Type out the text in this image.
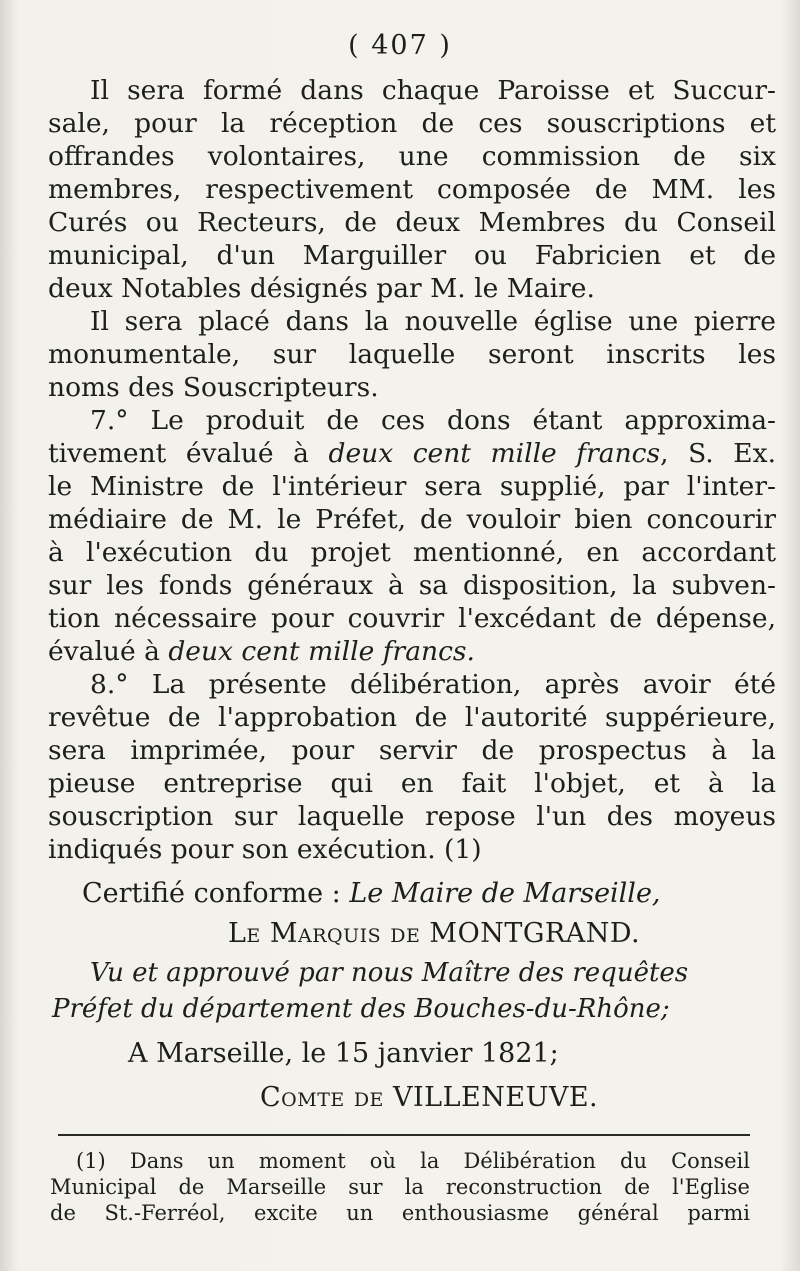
( 407 )
Il sera formé dans chaque Paroisse et Succur-
sale, pour la réception de ces souscriptions et
offrandes volontaires, une commission de six
membres, respectivement composée de MM. les
Curés ou Recteurs, de deux Membres du Conseil
municipal, d'un Marguiller ou Fabricien et de
deux Notables désignés par M. le Maire.
Il sera placé dans la nouvelle église une pierre
monumentale, sur laquelle seront inscrits les
noms des Souscripteurs.
7.° Le produit de ces dons étant approxima-
tivement évalué à deux cent mille francs, S. Ex.
le Ministre de l'intérieur sera supplié, par l'inter-
médiaire de M. le Préfet, de vouloir bien concourir
à l'exécution du projet mentionné, en accordant
sur les fonds généraux à sa disposition, la subven-
tion nécessaire pour couvrir l'excédant de dépense,
évalué à deux cent mille francs.
8.° La présente délibération, après avoir été
revêtue de l'approbation de l'autorité suppérieure,
sera imprimée, pour servir de prospectus à la
pieuse entreprise qui en fait l'objet, et à la
souscription sur laquelle repose l'un des moyeus
indiqués pour son exécution. (1)
Certifié conforme : Le Maire de Marseille,
Le Marquis de MONTGRAND.
Vu et approuvé par nous Maître des requêtes
Préfet du département des Bouches-du-Rhône;
A Marseille, le 15 janvier 1821;
Comte de VILLENEUVE.
(1) Dans un moment où la Délibération du Conseil
Municipal de Marseille sur la reconstruction de l'Eglise
de St.-Ferréol, excite un enthousiasme général parmi
